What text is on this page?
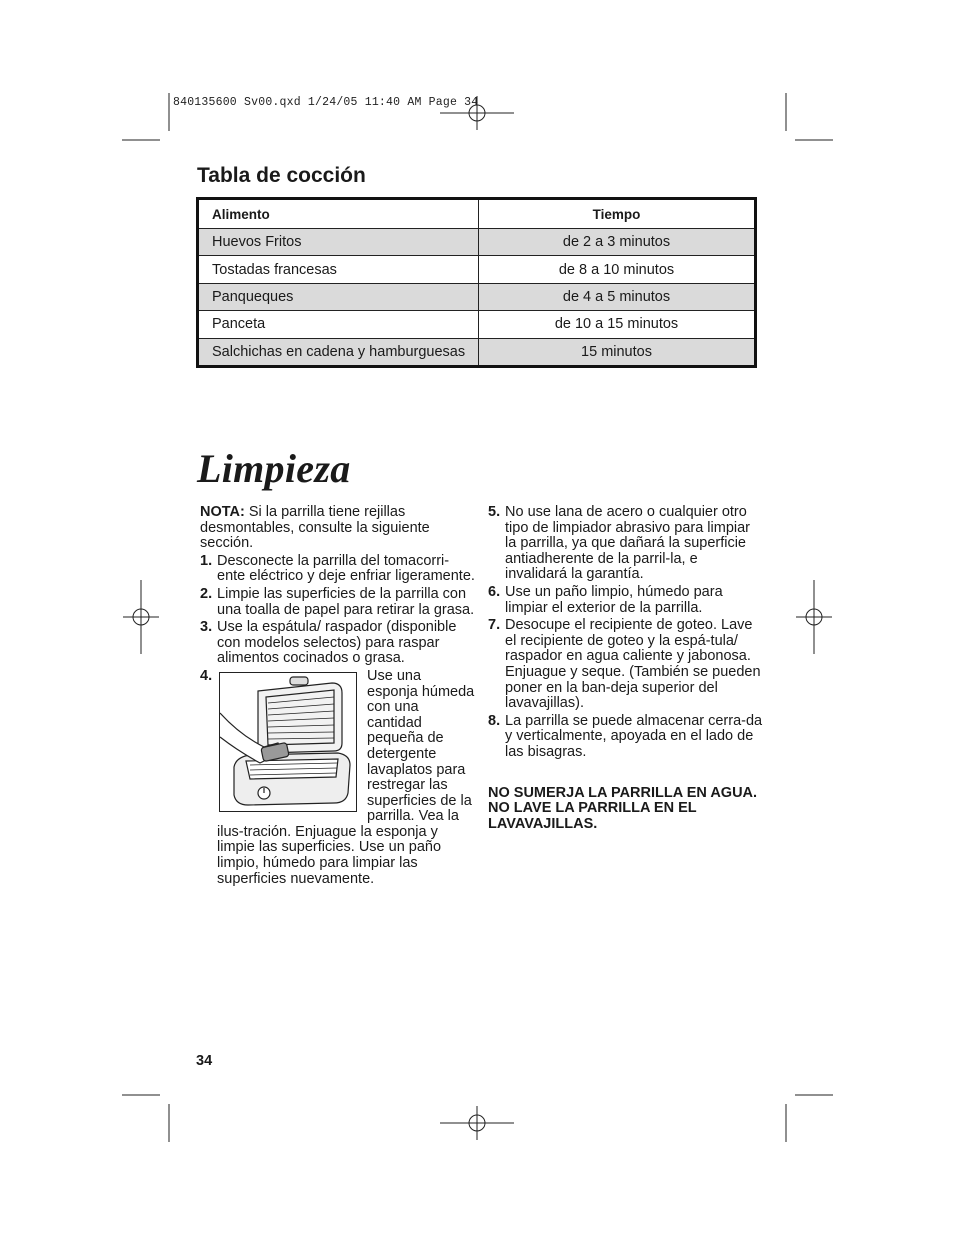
840135600 Sv00.qxd 1/24/05 11:40 AM Page 34
Tabla de cocción
Alimento	Tiempo
Huevos Fritos	de 2 a 3 minutos
Tostadas francesas	de 8 a 10 minutos
Panqueques	de 4 a 5 minutos
Panceta	de 10 a 15 minutos
Salchichas en cadena y hamburguesas	15 minutos
Limpieza

NOTA: Si la parrilla tiene rejillas desmontables, consulte la siguiente sección.

1. Desconecte la parrilla del tomacorri-ente eléctrico y deje enfriar ligeramente.
2. Limpie las superficies de la parrilla con una toalla de papel para retirar la grasa.
3. Use la espátula/ raspador (disponible con modelos selectos) para raspar alimentos cocinados o grasa.
4.	Use una esponja húmeda con una cantidad pequeña de detergente lavaplatos para restregar las superficies de la parrilla. Vea la ilus-tración. Enjuague la esponja y limpie las superficies. Use un paño limpio, húmedo para limpiar las superficies nuevamente.
5. No use lana de acero o cualquier otro tipo de limpiador abrasivo para limpiar la parrilla, ya que dañará la superficie antiadherente de la parril-la, e invalidará la garantía.
6. Use un paño limpio, húmedo para limpiar el exterior de la parrilla.
7. Desocupe el recipiente de goteo. Lave el recipiente de goteo y la espá-tula/ raspador en agua caliente y jabonosa. Enjuague y seque. (También se pueden poner en la ban-deja superior del lavavajillas).
8. La parrilla se puede almacenar cerra-da y verticalmente, apoyada en el lado de las bisagras.
NO SUMERJA LA PARRILLA EN AGUA. NO LAVE LA PARRILLA EN EL LAVAVAJILLAS.
34
